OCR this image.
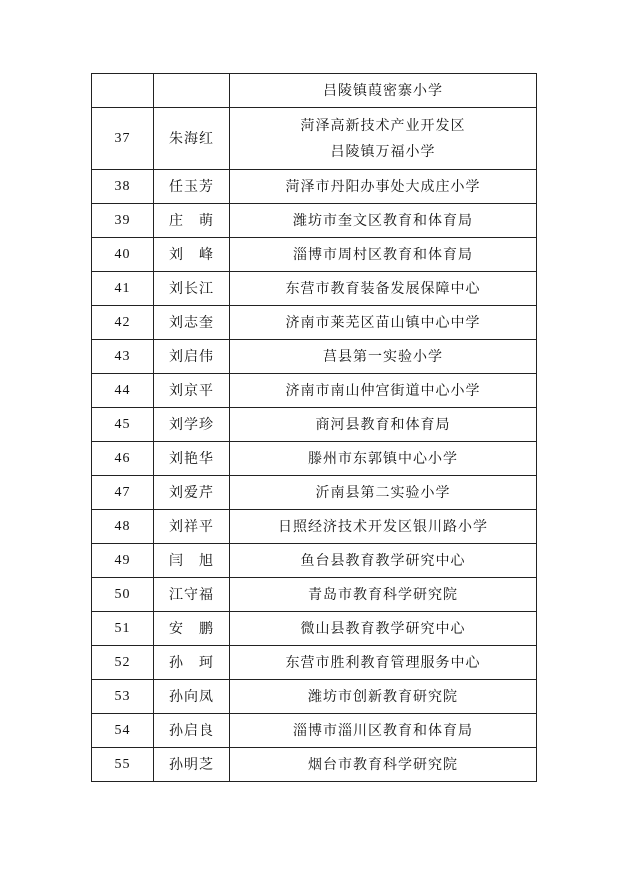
		吕陵镇葭密寨小学

37	朱海红	菏泽高新技术产业开发区
吕陵镇万福小学

38	任玉芳	菏泽市丹阳办事处大成庄小学
39	庄　萌	潍坊市奎文区教育和体育局
40	刘　峰	淄博市周村区教育和体育局
41	刘长江	东营市教育装备发展保障中心
42	刘志奎	济南市莱芜区苗山镇中心中学
43	刘启伟	莒县第一实验小学
44	刘京平	济南市南山仲宫街道中心小学
45	刘学珍	商河县教育和体育局
46	刘艳华	滕州市东郭镇中心小学
47	刘爱芹	沂南县第二实验小学
48	刘祥平	日照经济技术开发区银川路小学
49	闫　旭	鱼台县教育教学研究中心
50	江守福	青岛市教育科学研究院
51	安　鹏	微山县教育教学研究中心
52	孙　珂	东营市胜利教育管理服务中心
53	孙向凤	潍坊市创新教育研究院
54	孙启良	淄博市淄川区教育和体育局
55	孙明芝	烟台市教育科学研究院
